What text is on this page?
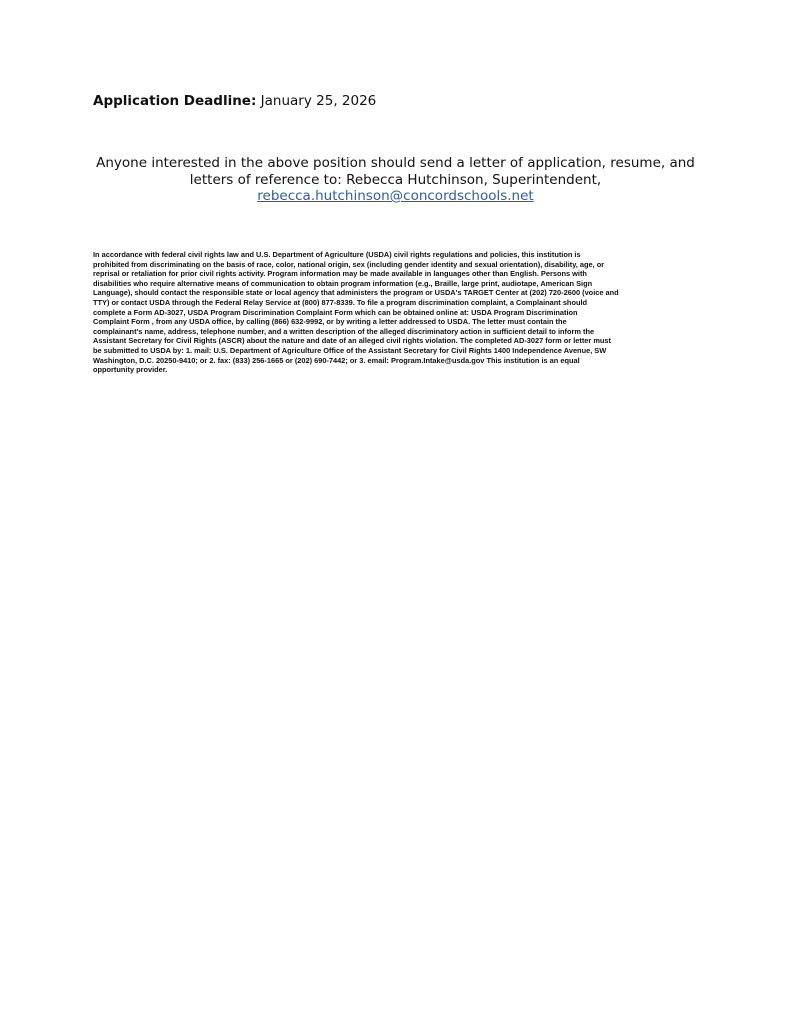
Application Deadline: January 25, 2026
Anyone interested in the above position should send a letter of application, resume, and
letters of reference to: Rebecca Hutchinson, Superintendent,
rebecca.hutchinson@concordschools.net
In accordance with federal civil rights law and U.S. Department of Agriculture (USDA) civil rights regulations and policies, this institution is
prohibited from discriminating on the basis of race, color, national origin, sex (including gender identity and sexual orientation), disability, age, or
reprisal or retaliation for prior civil rights activity. Program information may be made available in languages other than English. Persons with
disabilities who require alternative means of communication to obtain program information (e.g., Braille, large print, audiotape, American Sign
Language), should contact the responsible state or local agency that administers the program or USDA's TARGET Center at (202) 720-2600 (voice and
TTY) or contact USDA through the Federal Relay Service at (800) 877-8339. To file a program discrimination complaint, a Complainant should
complete a Form AD-3027, USDA Program Discrimination Complaint Form which can be obtained online at: USDA Program Discrimination
Complaint Form , from any USDA office, by calling (866) 632-9992, or by writing a letter addressed to USDA. The letter must contain the
complainant's name, address, telephone number, and a written description of the alleged discriminatory action in sufficient detail to inform the
Assistant Secretary for Civil Rights (ASCR) about the nature and date of an alleged civil rights violation. The completed AD-3027 form or letter must
be submitted to USDA by: 1. mail: U.S. Department of Agriculture Office of the Assistant Secretary for Civil Rights 1400 Independence Avenue, SW
Washington, D.C. 20250-9410; or 2. fax: (833) 256-1665 or (202) 690-7442; or 3. email: Program.Intake@usda.gov This institution is an equal
opportunity provider.
